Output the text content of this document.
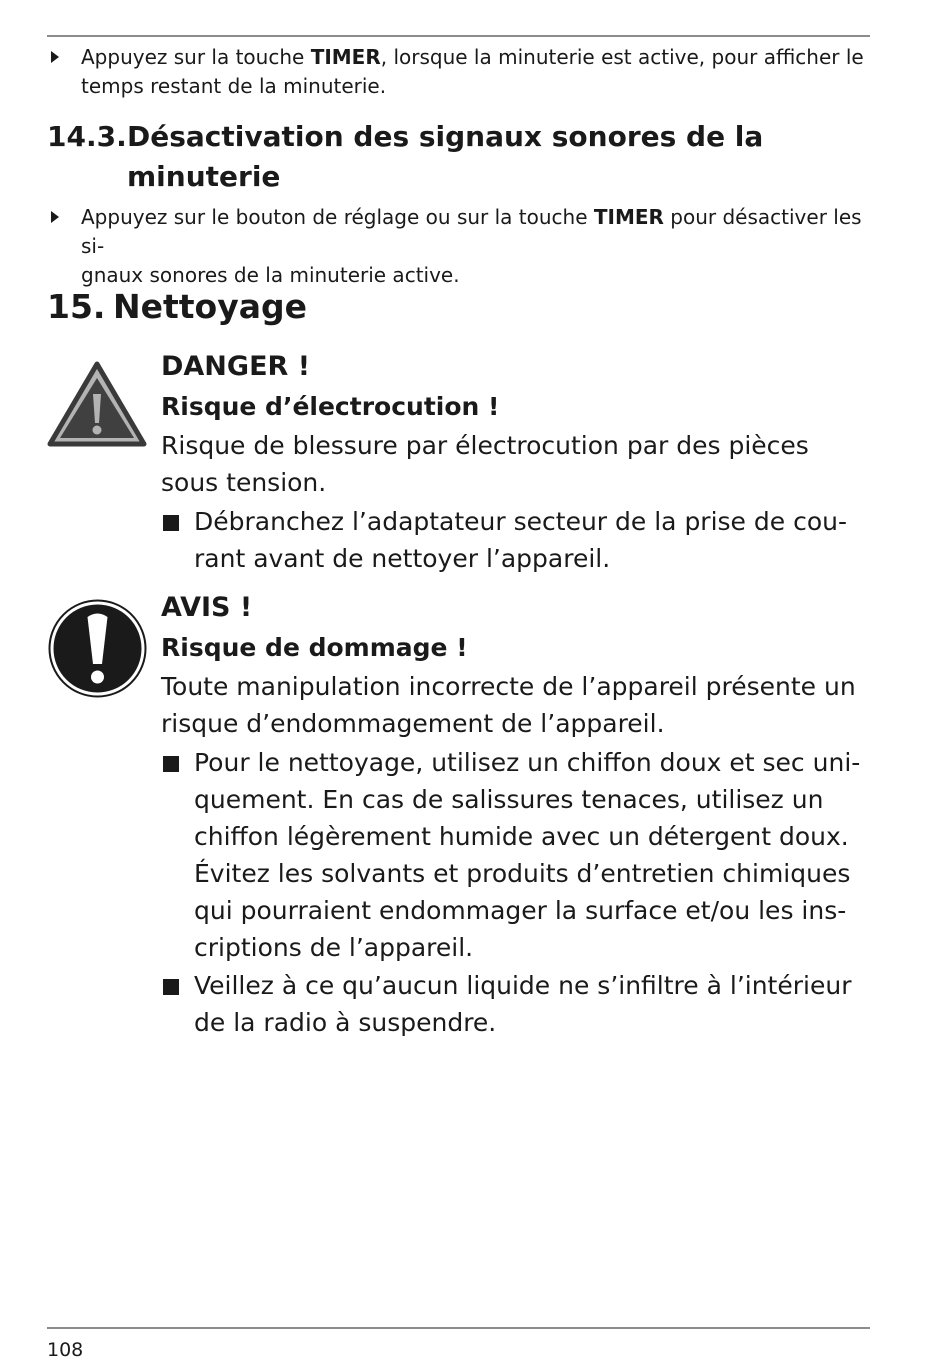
Appuyez sur la touche TIMER, lorsque la minuterie est active, pour afficher le
temps restant de la minuterie.
14.3. Désactivation des signaux sonores de la
minuterie
Appuyez sur le bouton de réglage ou sur la touche TIMER pour désactiver les si-
gnaux sonores de la minuterie active.
15. Nettoyage
DANGER !
Risque d’électrocution !
Risque de blessure par électrocution par des pièces
sous tension.
Débranchez l’adaptateur secteur de la prise de cou-
rant avant de nettoyer l’appareil.
AVIS !
Risque de dommage !
Toute manipulation incorrecte de l’appareil présente un
risque d’endommagement de l’appareil.
Pour le nettoyage, utilisez un chiffon doux et sec uni-
quement. En cas de salissures tenaces, utilisez un
chiffon légèrement humide avec un détergent doux.
Évitez les solvants et produits d’entretien chimiques
qui pourraient endommager la surface et/ou les ins-
criptions de l’appareil.
Veillez à ce qu’aucun liquide ne s’infiltre à l’intérieur
de la radio à suspendre.
108
